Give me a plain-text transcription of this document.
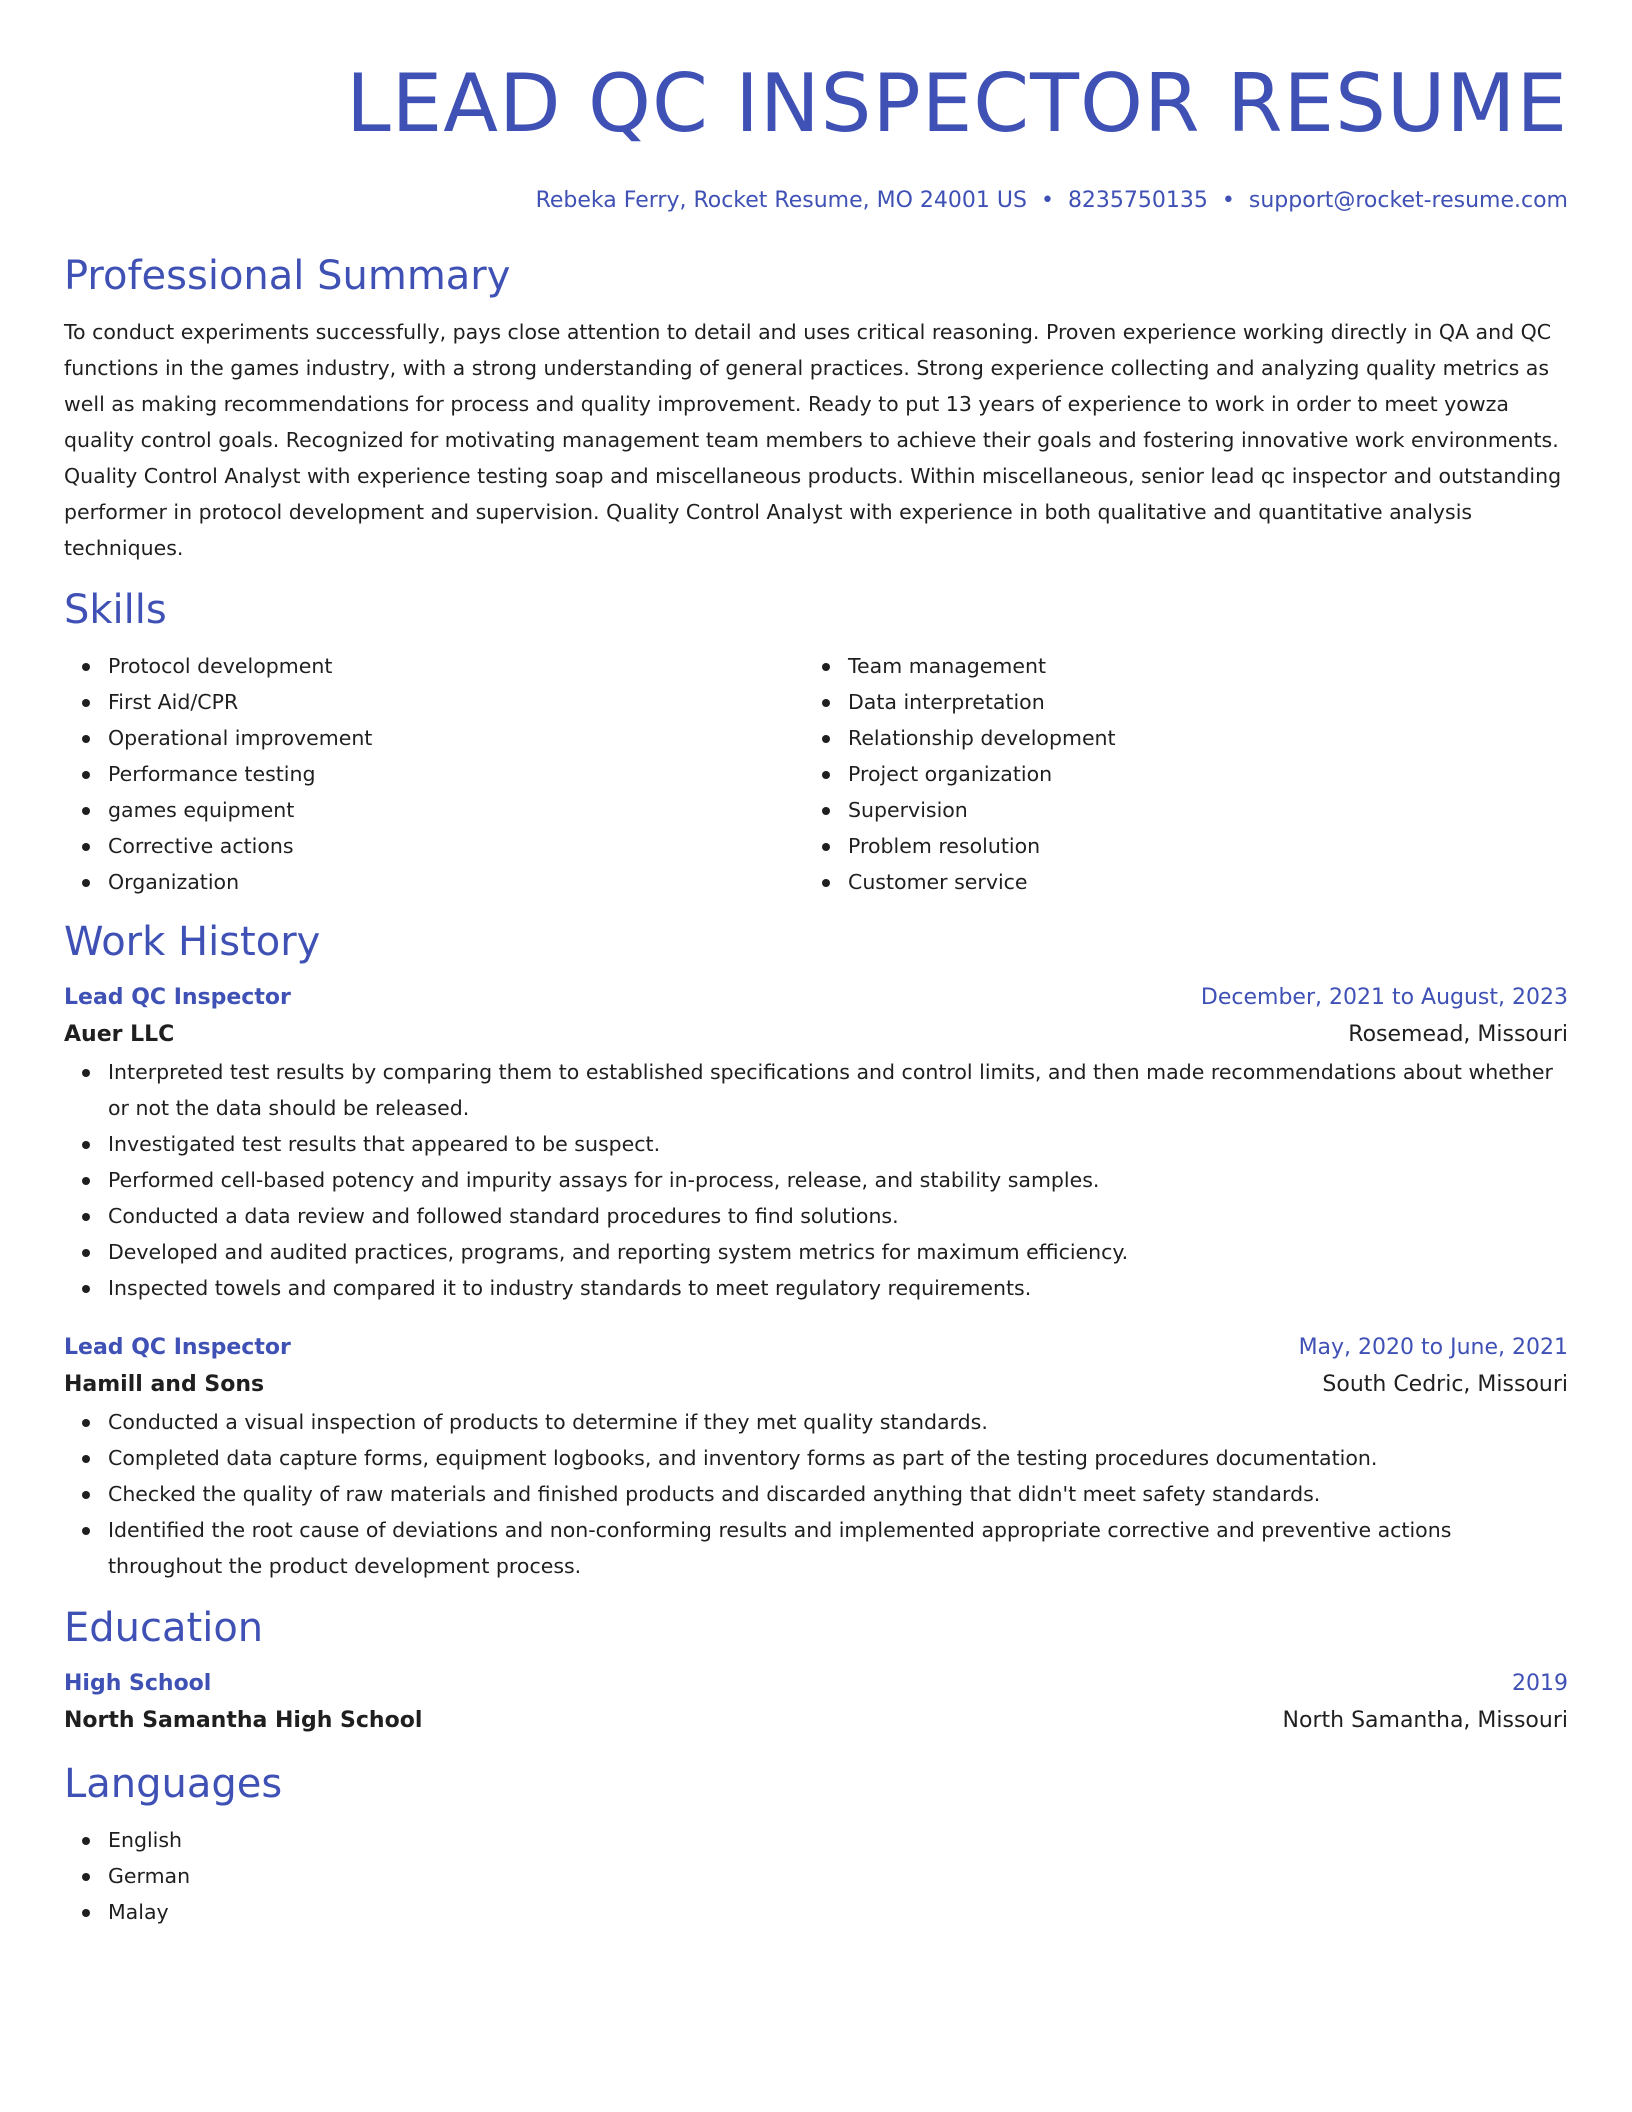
LEAD QC INSPECTOR RESUME
Rebeka Ferry, Rocket Resume, MO 24001 US • 8235750135 • support@rocket-resume.com
Professional Summary

To conduct experiments successfully, pays close attention to detail and uses critical reasoning. Proven experience working directly in QA and QC functions in the games industry, with a strong understanding of general practices. Strong experience collecting and analyzing quality metrics as well as making recommendations for process and quality improvement. Ready to put 13 years of experience to work in order to meet yowza quality control goals. Recognized for motivating management team members to achieve their goals and fostering innovative work environments. Quality Control Analyst with experience testing soap and miscellaneous products. Within miscellaneous, senior lead qc inspector and outstanding performer in protocol development and supervision. Quality Control Analyst with experience in both qualitative and quantitative analysis techniques.

Skills
Protocol development
First Aid/CPR
Operational improvement
Performance testing
games equipment
Corrective actions
Organization
Team management
Data interpretation
Relationship development
Project organization
Supervision
Problem resolution
Customer service
Work History
Lead QC Inspector	December, 2021 to August, 2023
Auer LLC	Rosemead, Missouri
Interpreted test results by comparing them to established specifications and control limits, and then made recommendations about whether or not the data should be released.
Investigated test results that appeared to be suspect.
Performed cell-based potency and impurity assays for in-process, release, and stability samples.
Conducted a data review and followed standard procedures to find solutions.
Developed and audited practices, programs, and reporting system metrics for maximum efficiency.
Inspected towels and compared it to industry standards to meet regulatory requirements.
Lead QC Inspector	May, 2020 to June, 2021
Hamill and Sons	South Cedric, Missouri
Conducted a visual inspection of products to determine if they met quality standards.
Completed data capture forms, equipment logbooks, and inventory forms as part of the testing procedures documentation.
Checked the quality of raw materials and finished products and discarded anything that didn't meet safety standards.
Identified the root cause of deviations and non-conforming results and implemented appropriate corrective and preventive actions throughout the product development process.
Education
High School	2019
North Samantha High School	North Samantha, Missouri
Languages
English
German
Malay
